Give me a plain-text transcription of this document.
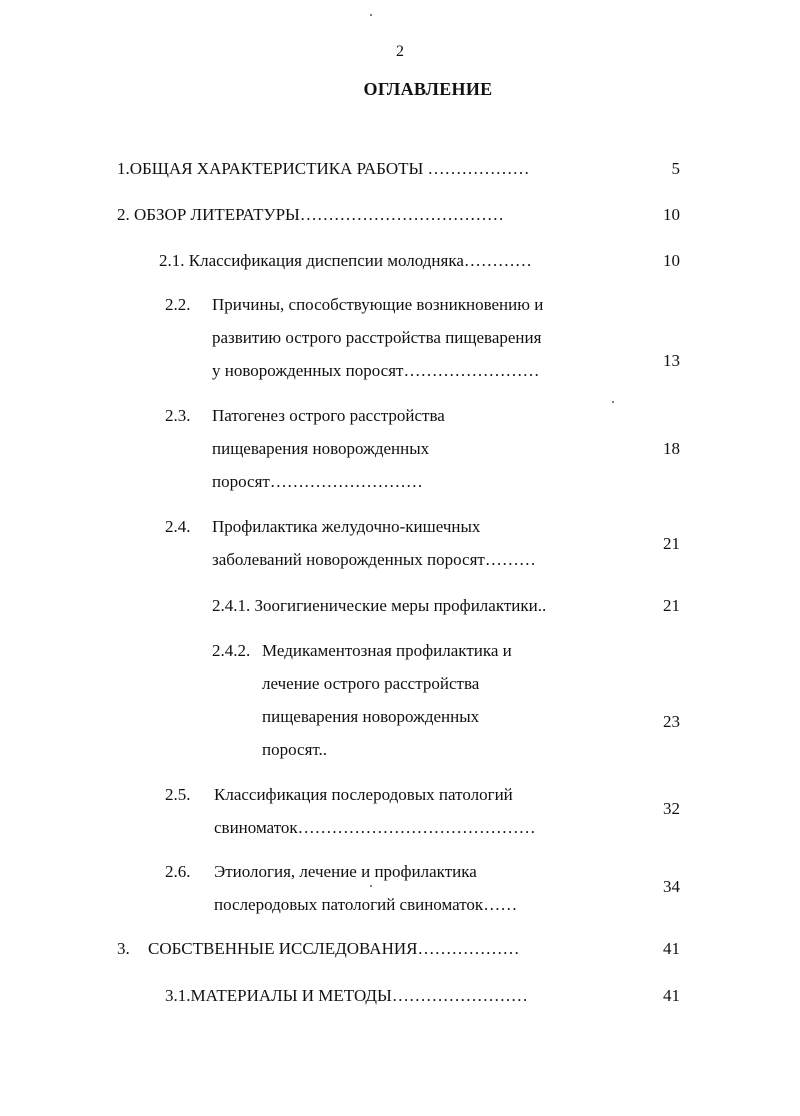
2
ОГЛАВЛЕНИЕ
1.ОБЩАЯ ХАРАКТЕРИСТИКА РАБОТЫ ………………	5
2. ОБЗОР ЛИТЕРАТУРЫ………………………………	10
2.1. Классификация диспепсии молодняка…………	10
2.2. Причины, способствующие возникновению и
развитию острого расстройства пищеварения
у новорожденных поросят……………………
13
2.3. Патогенез острого расстройства
пищеварения новорожденных
поросят………………………
18
2.4. Профилактика желудочно-кишечных
заболеваний новорожденных поросят………
21
2.4.1. Зоогигиенические меры профилактики..	21
2.4.2. Медикаментозная профилактика и
лечение острого расстройства
пищеварения новорожденных
поросят..
23
2.5. Классификация послеродовых патологий
свиноматок……………………………………
32
2.6. Этиология, лечение и профилактика
послеродовых патологий свиноматок……
34
3. СОБСТВЕННЫЕ ИССЛЕДОВАНИЯ………………	41
3.1.МАТЕРИАЛЫ И МЕТОДЫ……………………	41
